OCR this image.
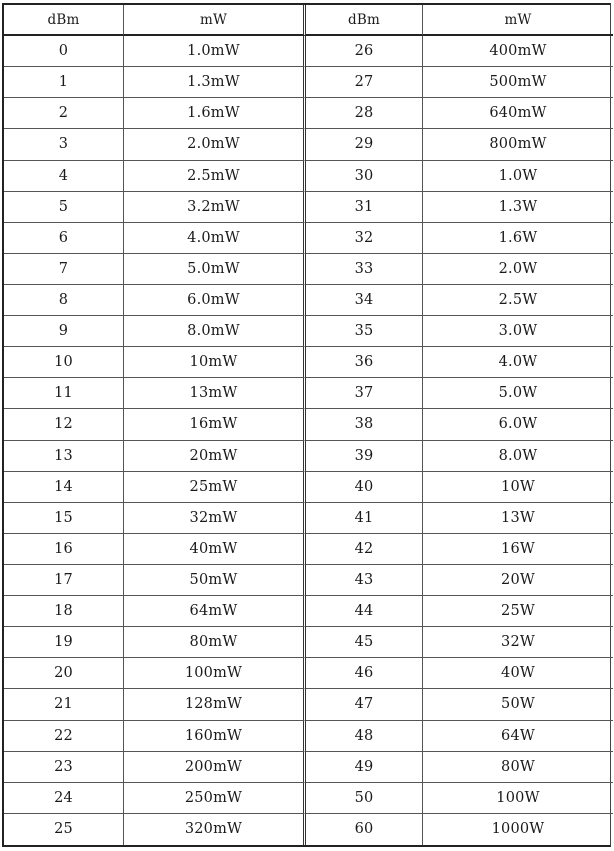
dBm	mW	dBm	mW
0	1.0mW	26	400mW
1	1.3mW	27	500mW
2	1.6mW	28	640mW
3	2.0mW	29	800mW
4	2.5mW	30	1.0W
5	3.2mW	31	1.3W
6	4.0mW	32	1.6W
7	5.0mW	33	2.0W
8	6.0mW	34	2.5W
9	8.0mW	35	3.0W
10	10mW	36	4.0W
11	13mW	37	5.0W
12	16mW	38	6.0W
13	20mW	39	8.0W
14	25mW	40	10W
15	32mW	41	13W
16	40mW	42	16W
17	50mW	43	20W
18	64mW	44	25W
19	80mW	45	32W
20	100mW	46	40W
21	128mW	47	50W
22	160mW	48	64W
23	200mW	49	80W
24	250mW	50	100W
25	320mW	60	1000W
